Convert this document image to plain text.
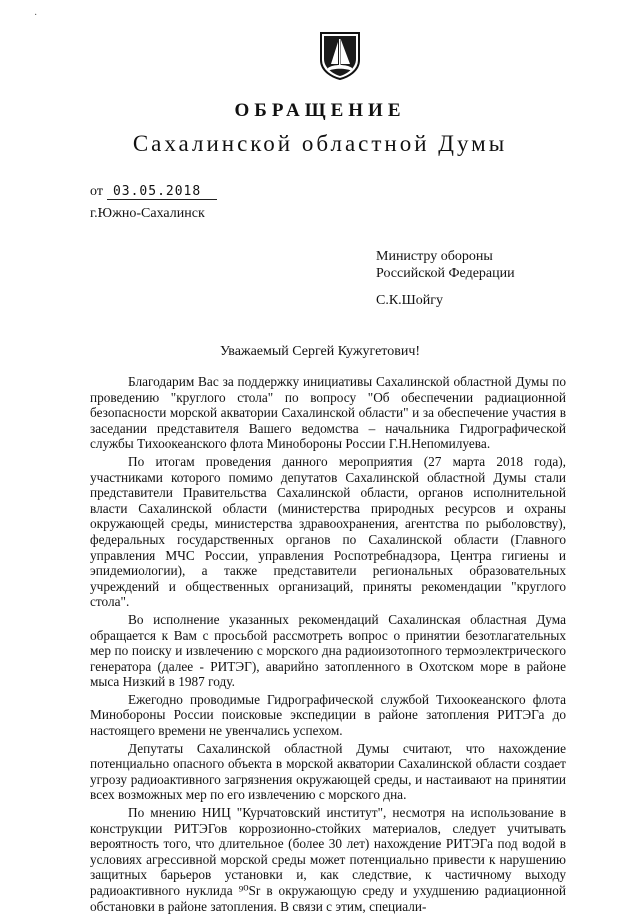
·
ОБРАЩЕНИЕ
Сахалинской областной Думы
от 03.05.2018
г.Южно-Сахалинск
Министру обороны
Российской Федерации
С.К.Шойгу
Уважаемый Сергей Кужугетович!

Благодарим Вас за поддержку инициативы Сахалинской областной Думы по проведению "круглого стола" по вопросу "Об обеспечении радиационной безопасности морской акватории Сахалинской области" и за обеспечение участия в заседании представителя Вашего ведомства – начальника Гидрографической службы Тихоокеанского флота Минобороны России Г.Н.Непомилуева.

По итогам проведения данного мероприятия (27 марта 2018 года), участниками которого помимо депутатов Сахалинской областной Думы стали представители Правительства Сахалинской области, органов исполнительной власти Сахалинской области (министерства природных ресурсов и охраны окружающей среды, министерства здравоохранения, агентства по рыболовству), федеральных государственных органов по Сахалинской области (Главного управления МЧС России, управления Роспотребнадзора, Центра гигиены и эпидемиологии), а также представители региональных образовательных учреждений и общественных организаций, приняты рекомендации "круглого стола".

Во исполнение указанных рекомендаций Сахалинская областная Дума обращается к Вам с просьбой рассмотреть вопрос о принятии безотлагательных мер по поиску и извлечению с морского дна радиоизотопного термоэлектрического генератора (далее - РИТЭГ), аварийно затопленного в Охотском море в районе мыса Низкий в 1987 году.

Ежегодно проводимые Гидрографической службой Тихоокеанского флота Минобороны России поисковые экспедиции в районе затопления РИТЭГа до настоящего времени не увенчались успехом.

Депутаты Сахалинской областной Думы считают, что нахождение потенциально опасного объекта в морской акватории Сахалинской области создает угрозу радиоактивного загрязнения окружающей среды, и настаивают на принятии всех возможных мер по его извлечению с морского дна.

По мнению НИЦ "Курчатовский институт", несмотря на использование в конструкции РИТЭГов коррозионно-стойких материалов, следует учитывать вероятность того, что длительное (более 30 лет) нахождение РИТЭГа под водой в условиях агрессивной морской среды может потенциально привести к нарушению защитных барьеров установки и, как следствие, к частичному выходу радиоактивного нуклида ⁹⁰Sr в окружающую среду и ухудшению радиационной обстановки в районе затопления. В связи с этим, специали-
